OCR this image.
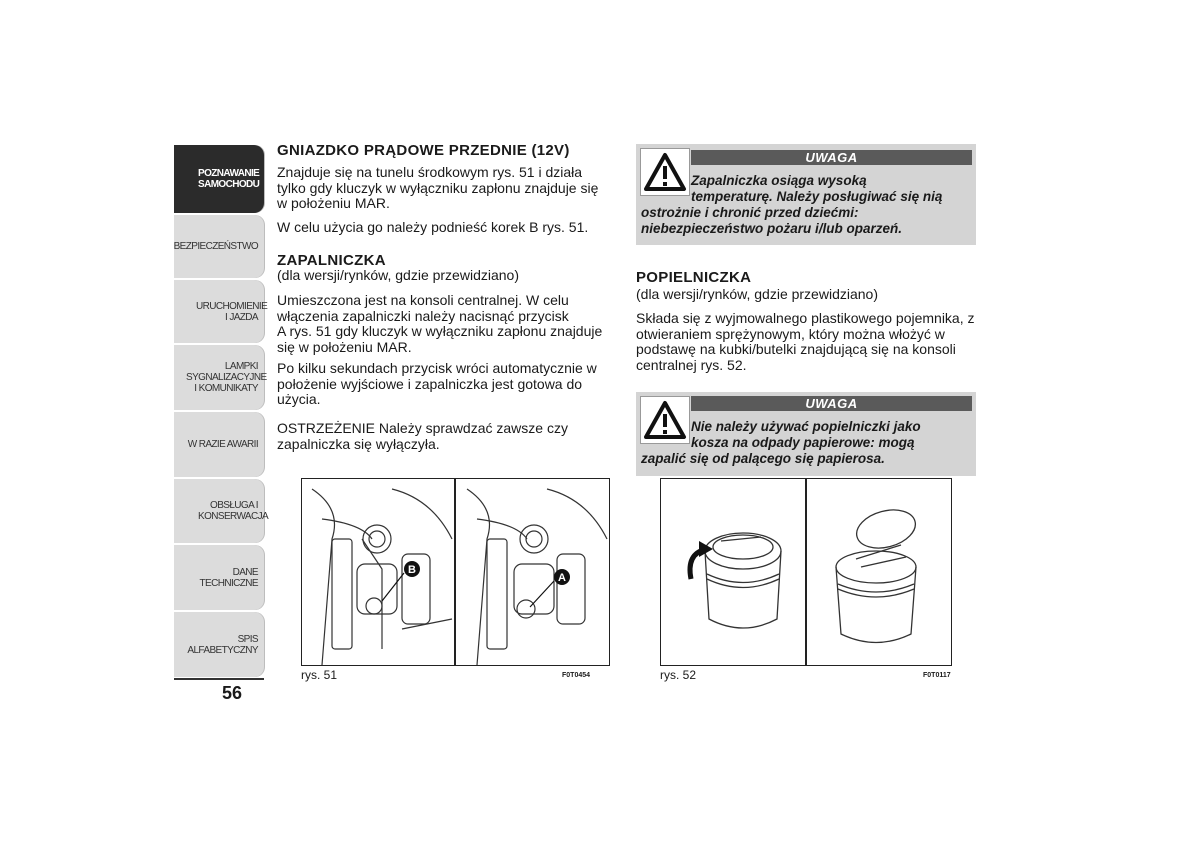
POZNAWANIE SAMOCHODU
BEZPIECZEŃSTWO
URUCHOMIENIE I JAZDA
LAMPKI SYGNALIZACYJNE I KOMUNIKATY
W RAZIE AWARII
OBSŁUGA I KONSERWACJA
DANE TECHNICZNE
SPIS ALFABETYCZNY
56
GNIAZDKO PRĄDOWE PRZEDNIE (12V)
Znajduje się na tunelu środkowym rys. 51 i działa
tylko gdy kluczyk w wyłączniku zapłonu znajduje się
w położeniu MAR.
W celu użycia go należy podnieść korek B rys. 51.
ZAPALNICZKA
(dla wersji/rynków, gdzie przewidziano)
Umieszczona jest na konsoli centralnej. W celu
włączenia zapalniczki należy nacisnąć przycisk
A rys. 51 gdy kluczyk w wyłączniku zapłonu znajduje
się w położeniu MAR.
Po kilku sekundach przycisk wróci automatycznie w
położenie wyjściowe i zapalniczka jest gotowa do
użycia.
OSTRZEŻENIE Należy sprawdzać zawsze czy
zapalniczka się wyłączyła.
B
A
rys. 51	F0T0454
UWAGA
Zapalniczka osiąga wysoką
temperaturę. Należy posługiwać się nią
ostrożnie i chronić przed dziećmi:
niebezpieczeństwo pożaru i/lub oparzeń.
POPIELNICZKA
(dla wersji/rynków, gdzie przewidziano)
Składa się z wyjmowalnego plastikowego pojemnika, z
otwieraniem sprężynowym, który można włożyć w
podstawę na kubki/butelki znajdującą się na konsoli
centralnej rys. 52.
UWAGA
Nie należy używać popielniczki jako
kosza na odpady papierowe: mogą
zapalić się od palącego się papierosa.
rys. 52	F0T0117
